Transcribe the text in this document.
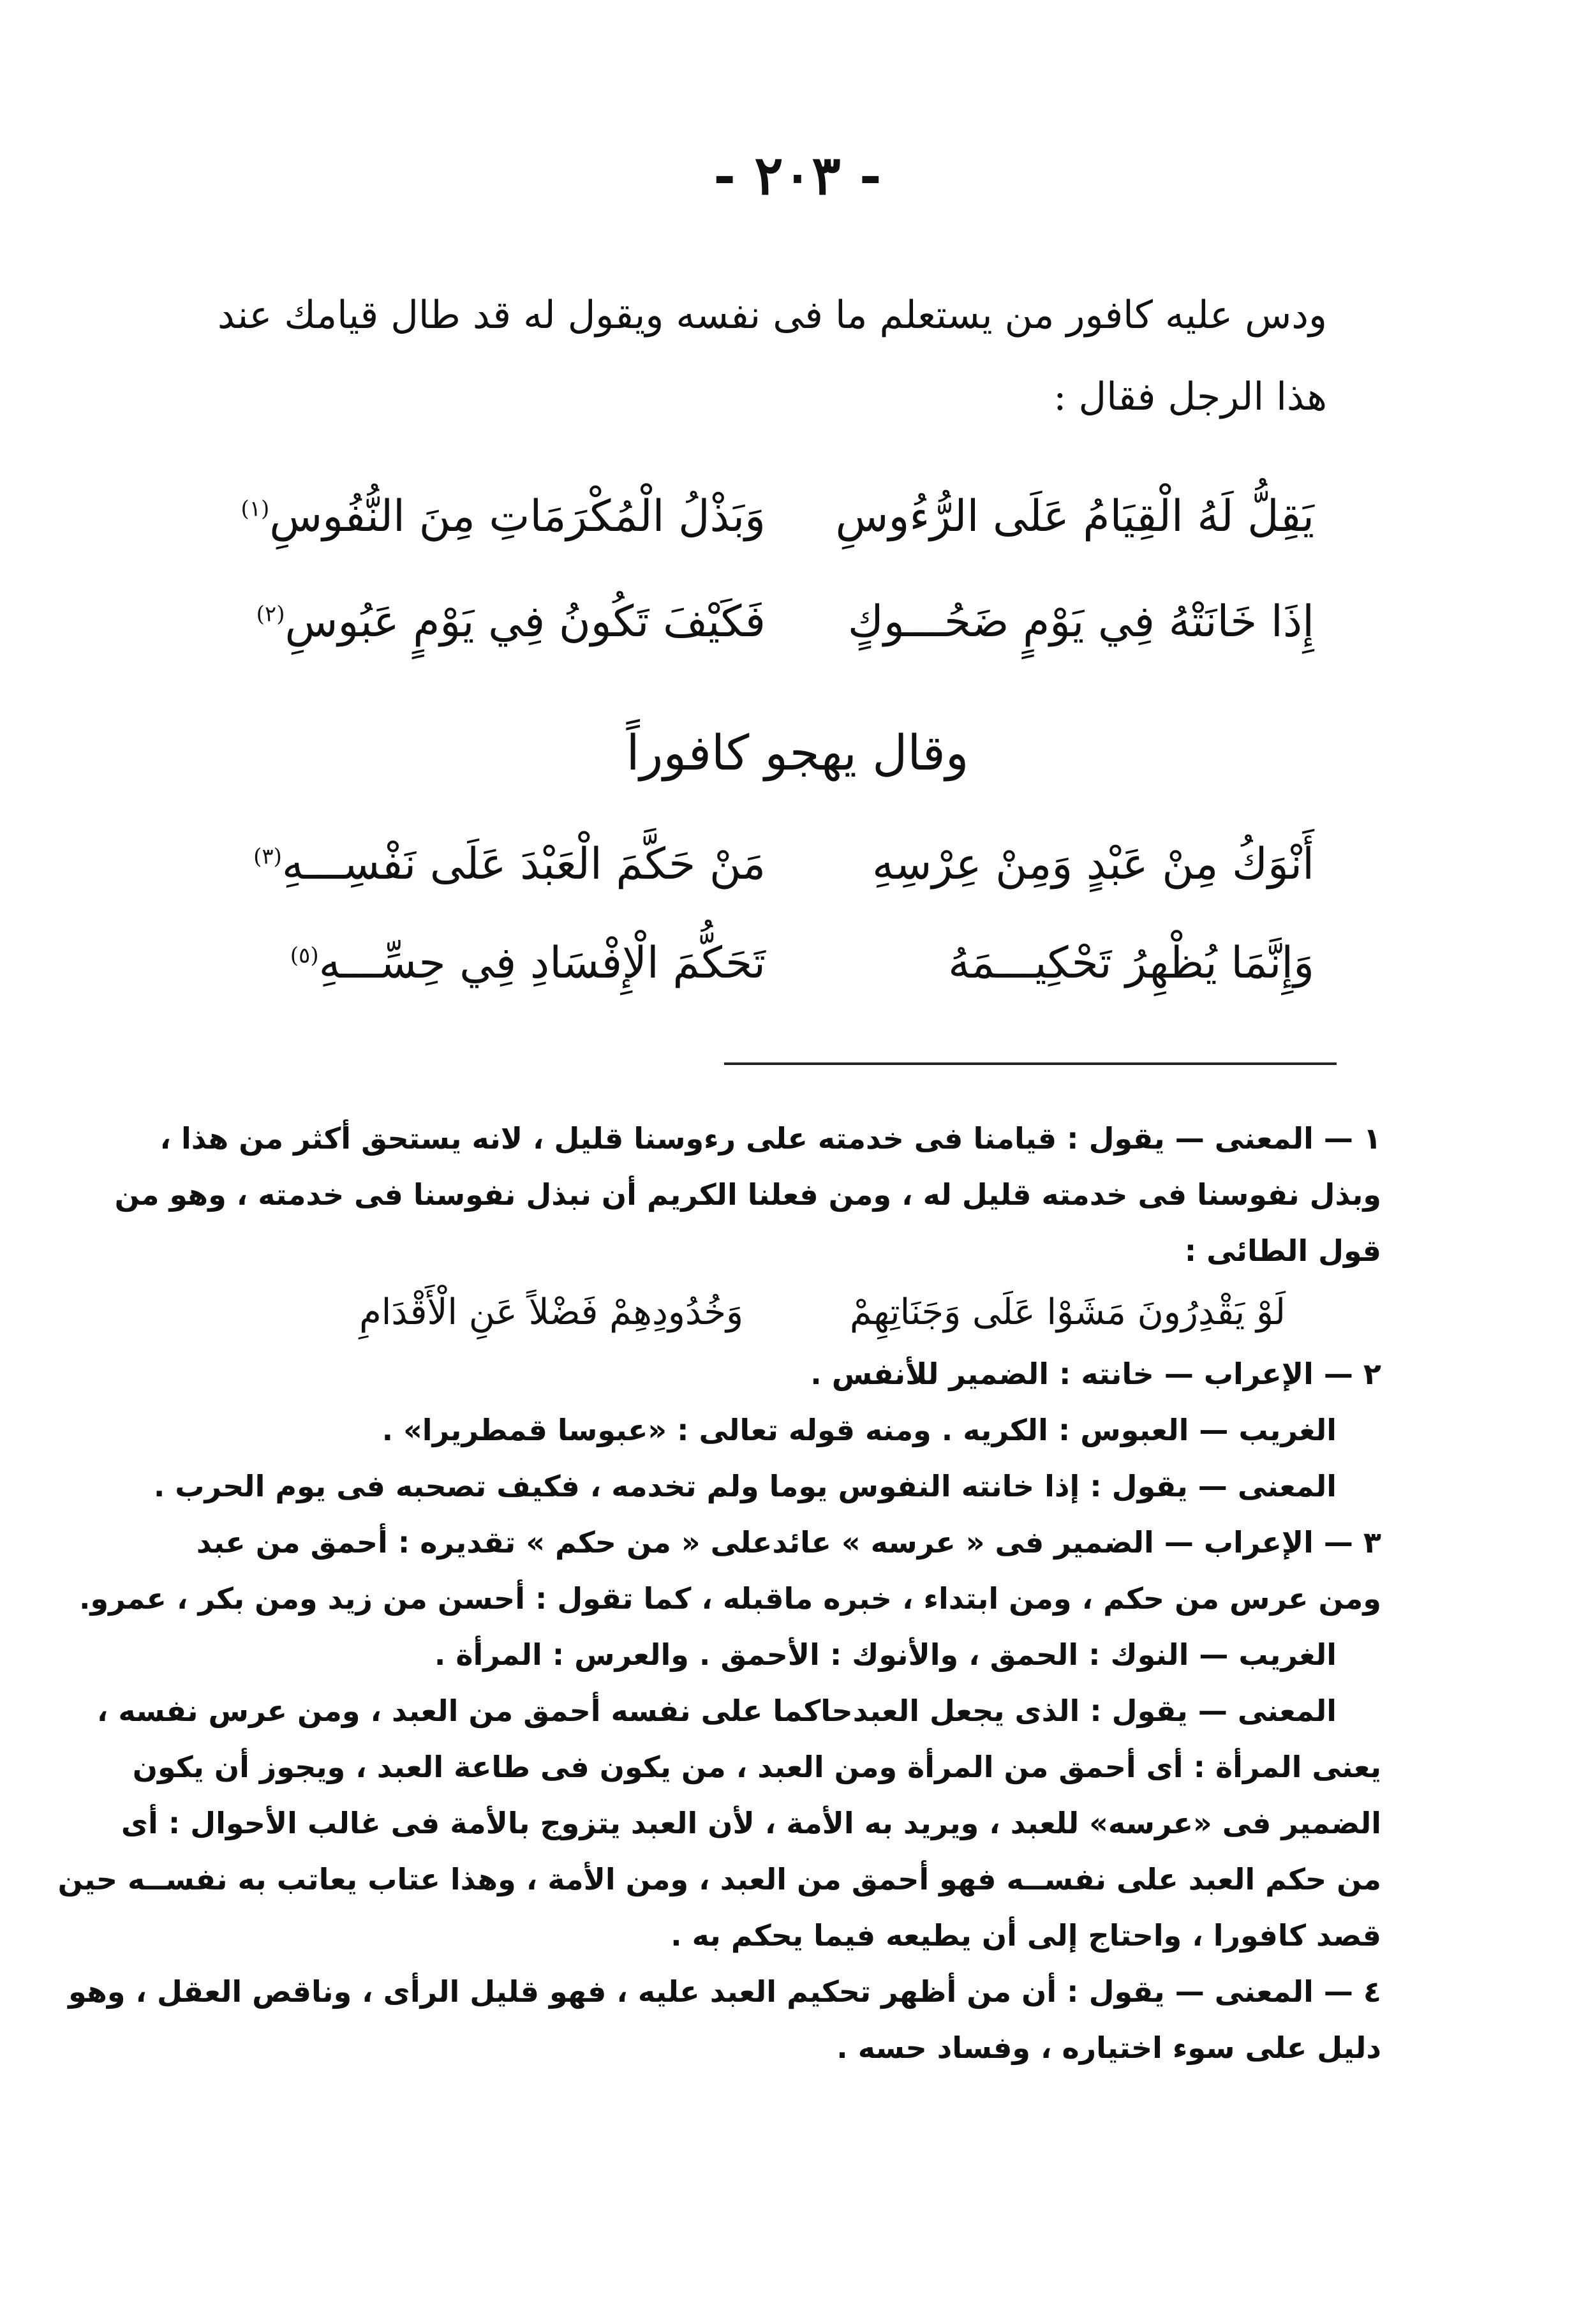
- ٢٠٣ -
ودس عليه كافور من يستعلم ما فى نفسه ويقول له قد طال قيامك عند
هذا الرجل فقال :
يَقِلُّ لَهُ الْقِيَامُ عَلَى الرُّءُوسِ
وَبَذْلُ الْمُكْرَمَاتِ مِنَ النُّفُوسِ$^{(١)}$
إِذَا خَانَتْهُ فِي يَوْمٍ ضَحُـــوكٍ
فَكَيْفَ تَكُونُ فِي يَوْمٍ عَبُوسِ$^{(٢)}$
وقال يهجو كافوراً
أَنْوَكُ مِنْ عَبْدٍ وَمِنْ عِرْسِهِ
مَنْ حَكَّمَ الْعَبْدَ عَلَى نَفْسِـــهِ$^{(٣)}$
وَإِنَّمَا يُظْهِرُ تَحْكِيـــمَهُ
تَحَكُّمَ الْإِفْسَادِ فِي حِسِّـــهِ$^{(٥)}$
١ — المعنى — يقول : قيامنا فى خدمته على رءوسنا قليل ، لانه يستحق أكثر من هذا ،
وبذل نفوسنا فى خدمته قليل له ، ومن فعلنا الكريم أن نبذل نفوسنا فى خدمته ، وهو من
قول الطائى :
لَوْ يَقْدِرُونَ مَشَوْا عَلَى وَجَنَاتِهِمْ
وَخُدُودِهِمْ فَضْلاً عَنِ الْأَقْدَامِ
٢ — الإعراب — خانته : الضمير للأنفس .
الغريب — العبوس : الكريه . ومنه قوله تعالى : «عبوسا قمطريرا» .
المعنى — يقول : إذا خانته النفوس يوما ولم تخدمه ، فكيف تصحبه فى يوم الحرب .
٣ — الإعراب — الضمير فى « عرسه » عائدعلى « من حكم » تقديره : أحمق من عبد
ومن عرس من حكم ، ومن ابتداء ، خبره ماقبله ، كما تقول : أحسن من زيد ومن بكر ، عمرو.
الغريب — النوك : الحمق ، والأنوك : الأحمق . والعرس : المرأة .
المعنى — يقول : الذى يجعل العبدحاكما على نفسه أحمق من العبد ، ومن عرس نفسه ،
يعنى المرأة : أى أحمق من المرأة ومن العبد ، من يكون فى طاعة العبد ، ويجوز أن يكون
الضمير فى «عرسه» للعبد ، ويريد به الأمة ، لأن العبد يتزوج بالأمة فى غالب الأحوال : أى
من حكم العبد على نفســه فهو أحمق من العبد ، ومن الأمة ، وهذا عتاب يعاتب به نفســه حين
قصد كافورا ، واحتاج إلى أن يطيعه فيما يحكم به .
٤ — المعنى — يقول : أن من أظهر تحكيم العبد عليه ، فهو قليل الرأى ، وناقص العقل ، وهو
دليل على سوء اختياره ، وفساد حسه .
